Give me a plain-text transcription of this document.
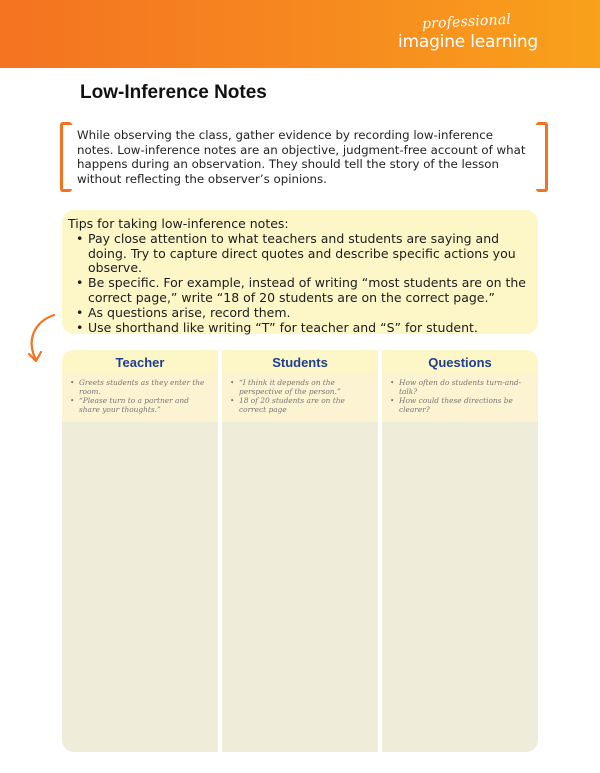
professional
imagine learning
Low-Inference Notes

While observing the class, gather evidence by recording low-inference notes. Low-inference notes are an objective, judgment-free account of what happens during an observation. They should tell the story of the lesson without reflecting the observer’s opinions.

Tips for taking low-inference notes:
• Pay close attention to what teachers and students are saying and doing. Try to capture direct quotes and describe specific actions you observe.
• Be specific. For example, instead of writing “most students are on the correct page,” write “18 of 20 students are on the correct page.”
• As questions arise, record them.
• Use shorthand like writing “T” for teacher and “S” for student.
Teacher
• Greets students as they enter the room.
• “Please turn to a partner and share your thoughts.”
Students
• “I think it depends on the perspective of the person.”
• 18 of 20 students are on the correct page
Questions
• How often do students turn-and-talk?
• How could these directions be clearer?
